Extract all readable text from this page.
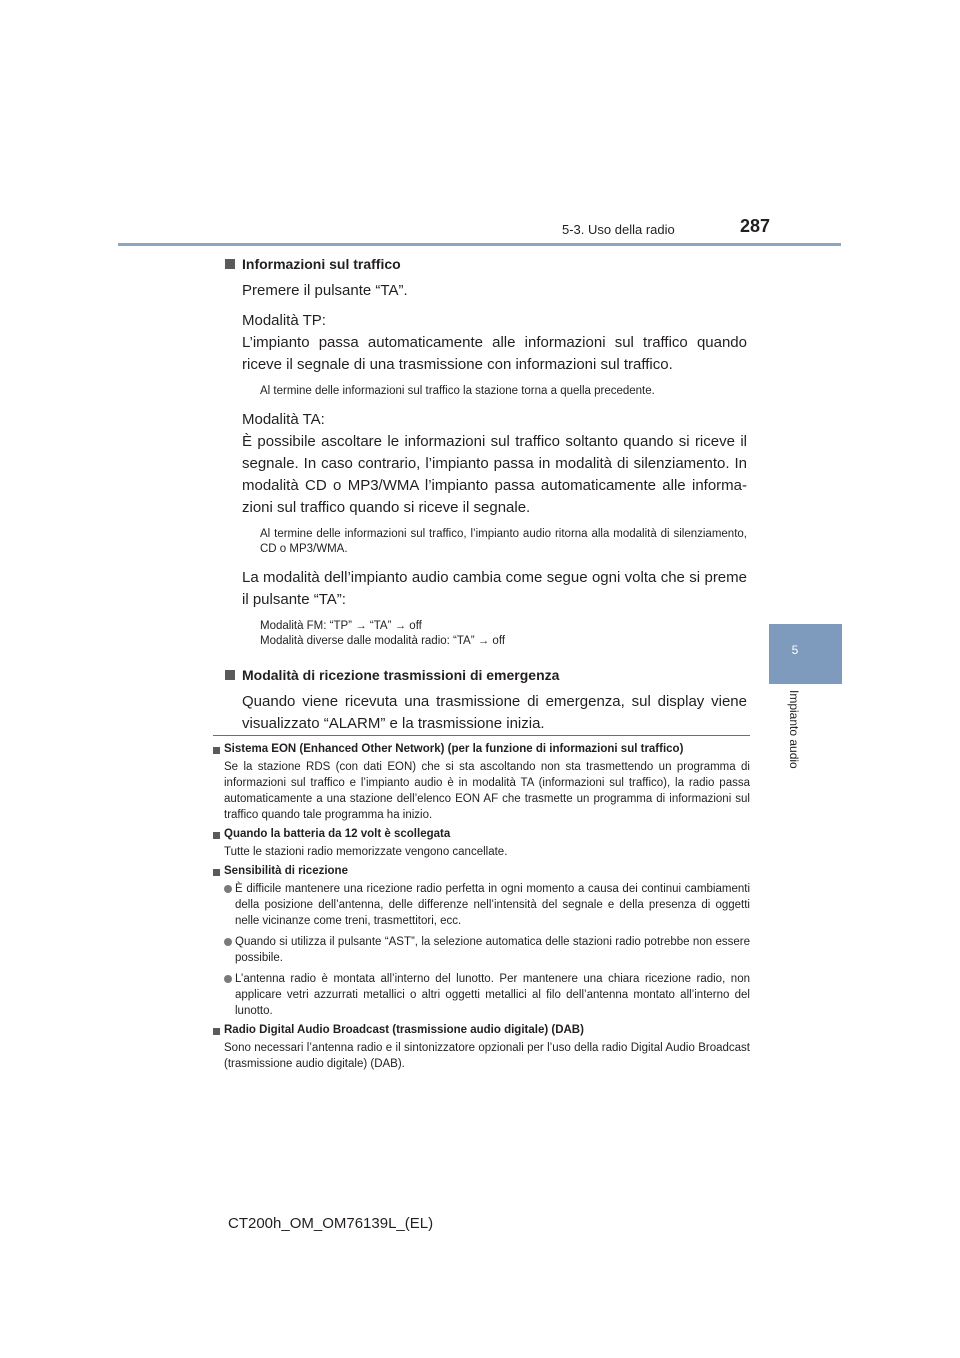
5-3. Uso della radio	287
5
Impianto audio
Informazioni sul traffico
Premere il pulsante “TA”.
Modalità TP:
L’impianto passa automaticamente alle informazioni sul traffico quando riceve il segnale di una trasmissione con informazioni sul traffico.
Al termine delle informazioni sul traffico la stazione torna a quella precedente.
Modalità TA:
È possibile ascoltare le informazioni sul traffico soltanto quando si riceve il segnale. In caso contrario, l’impianto passa in modalità di silenziamento. In modalità CD o MP3/WMA l’impianto passa automaticamente alle informazioni sul traffico quando si riceve il segnale.
Al termine delle informazioni sul traffico, l’impianto audio ritorna alla modalità di silenziamento, CD o MP3/WMA.
La modalità dell’impianto audio cambia come segue ogni volta che si preme il pulsante “TA”:
Modalità FM: “TP” → “TA” → off
Modalità diverse dalle modalità radio: “TA” → off
Modalità di ricezione trasmissioni di emergenza
Quando viene ricevuta una trasmissione di emergenza, sul display viene visualizzato “ALARM” e la trasmissione inizia.
Sistema EON (Enhanced Other Network) (per la funzione di informazioni sul traffico)
Se la stazione RDS (con dati EON) che si sta ascoltando non sta trasmettendo un programma di informazioni sul traffico e l’impianto audio è in modalità TA (informazioni sul traffico), la radio passa automaticamente a una stazione dell’elenco EON AF che trasmette un programma di informazioni sul traffico quando tale programma ha inizio.
Quando la batteria da 12 volt è scollegata
Tutte le stazioni radio memorizzate vengono cancellate.
Sensibilità di ricezione
È difficile mantenere una ricezione radio perfetta in ogni momento a causa dei continui cambiamenti della posizione dell’antenna, delle differenze nell’intensità del segnale e della presenza di oggetti nelle vicinanze come treni, trasmettitori, ecc.
Quando si utilizza il pulsante “AST”, la selezione automatica delle stazioni radio potrebbe non essere possibile.
L’antenna radio è montata all’interno del lunotto. Per mantenere una chiara ricezione radio, non applicare vetri azzurrati metallici o altri oggetti metallici al filo dell’antenna montato all’interno del lunotto.
Radio Digital Audio Broadcast (trasmissione audio digitale) (DAB)
Sono necessari l’antenna radio e il sintonizzatore opzionali per l’uso della radio Digital Audio Broadcast (trasmissione audio digitale) (DAB).
CT200h_OM_OM76139L_(EL)
